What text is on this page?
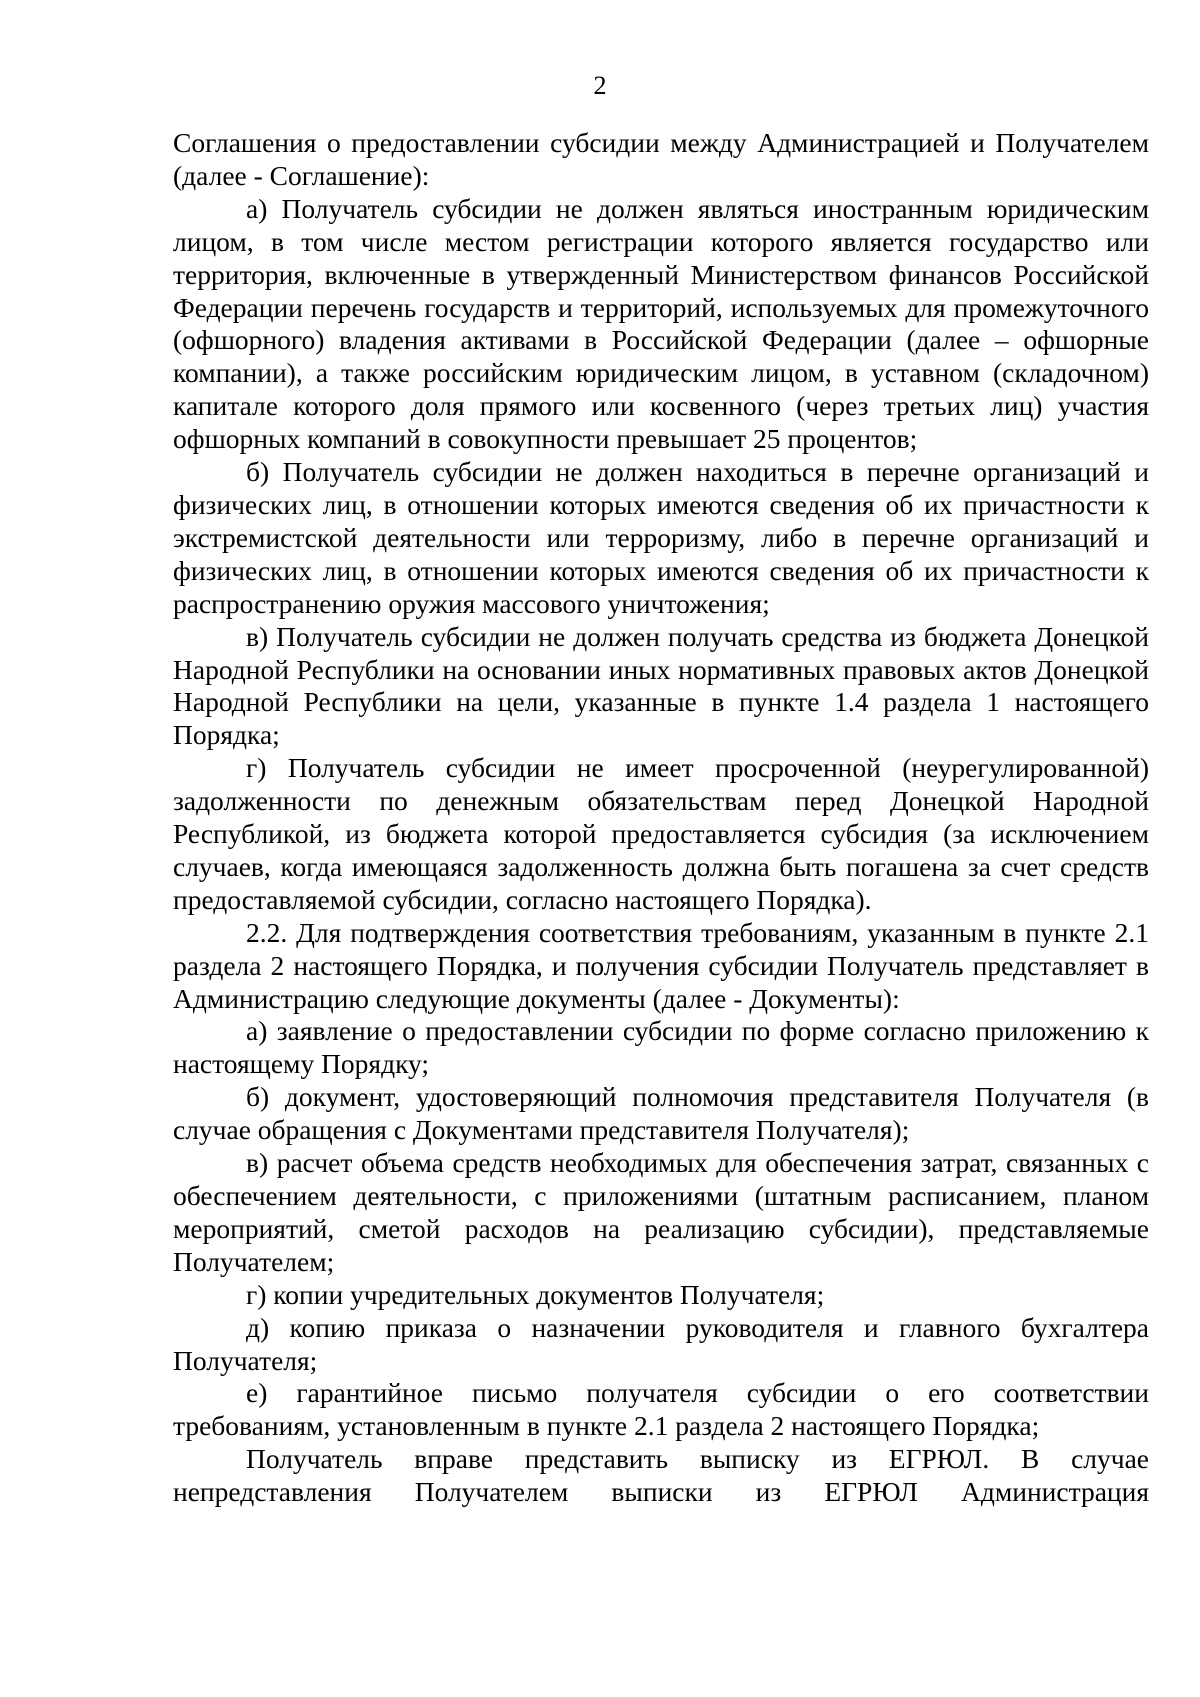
2

Соглашения о предоставлении субсидии между Администрацией и Получателем (далее - Соглашение):

а) Получатель субсидии не должен являться иностранным юридическим лицом, в том числе местом регистрации которого является государство или территория, включенные в утвержденный Министерством финансов Российской Федерации перечень государств и территорий, используемых для промежуточного (офшорного) владения активами в Российской Федерации (далее – офшорные компании), а также российским юридическим лицом, в уставном (складочном) капитале которого доля прямого или косвенного (через третьих лиц) участия офшорных компаний в совокупности превышает 25 процентов;

б) Получатель субсидии не должен находиться в перечне организаций и физических лиц, в отношении которых имеются сведения об их причастности к экстремистской деятельности или терроризму, либо в перечне организаций и физических лиц, в отношении которых имеются сведения об их причастности к распространению оружия массового уничтожения;

в) Получатель субсидии не должен получать средства из бюджета Донецкой Народной Республики на основании иных нормативных правовых актов Донецкой Народной Республики на цели, указанные в пункте 1.4 раздела 1 настоящего Порядка;

г) Получатель субсидии не имеет просроченной (неурегулированной) задолженности по денежным обязательствам перед Донецкой Народной Республикой, из бюджета которой предоставляется субсидия (за исключением случаев, когда имеющаяся задолженность должна быть погашена за счет средств предоставляемой субсидии, согласно настоящего Порядка).

2.2. Для подтверждения соответствия требованиям, указанным в пункте 2.1 раздела 2 настоящего Порядка, и получения субсидии Получатель представляет в Администрацию следующие документы (далее - Документы):

а) заявление о предоставлении субсидии по форме согласно приложению к настоящему Порядку;

б) документ, удостоверяющий полномочия представителя Получателя (в случае обращения с Документами представителя Получателя);

в) расчет объема средств необходимых для обеспечения затрат, связанных с обеспечением деятельности, с приложениями (штатным расписанием, планом мероприятий, сметой расходов на реализацию субсидии), представляемые Получателем;

г) копии учредительных документов Получателя;

д) копию приказа о назначении руководителя и главного бухгалтера Получателя;

е) гарантийное письмо получателя субсидии о его соответствии требованиям, установленным в пункте 2.1 раздела 2 настоящего Порядка;

Получатель вправе представить выписку из ЕГРЮЛ. В случае непредставления Получателем выписки из ЕГРЮЛ Администрация
